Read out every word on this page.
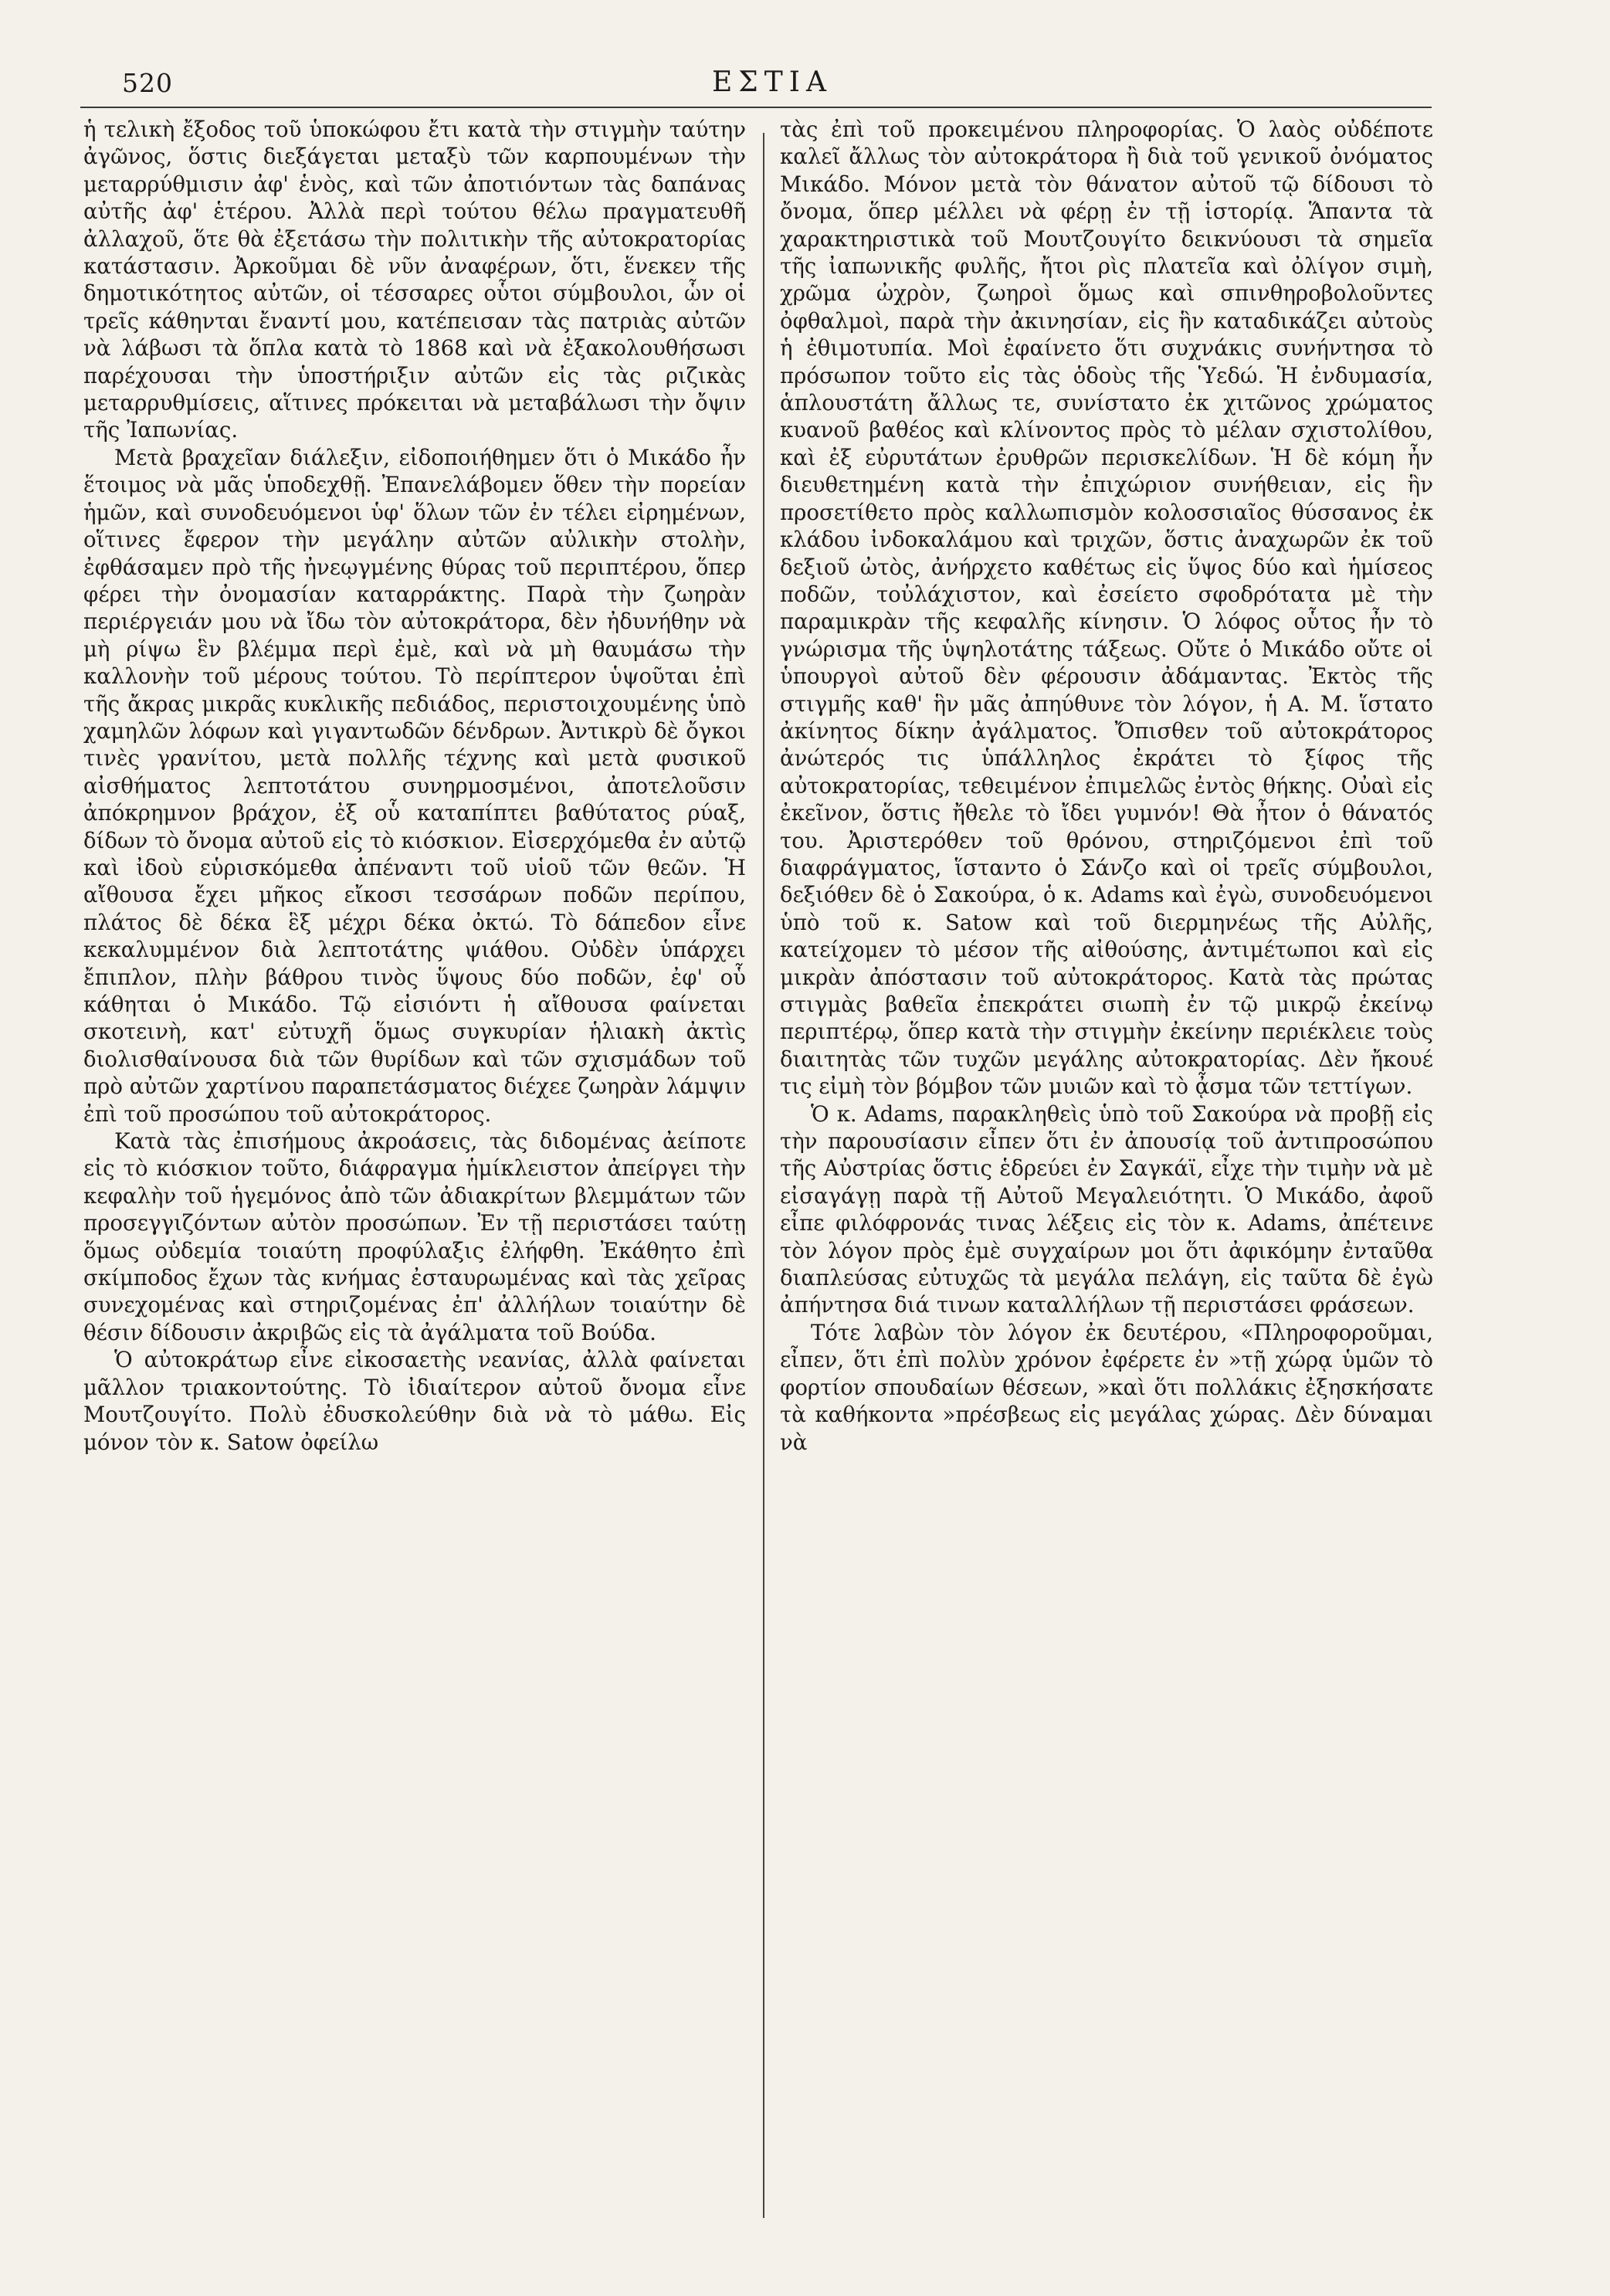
520	ΕΣΤΙΑ

ἡ τελικὴ ἔξοδος τοῦ ὑποκώφου ἔτι κατὰ τὴν στιγμὴν ταύτην ἀγῶνος, ὅστις διεξάγεται μεταξὺ τῶν καρπουμένων τὴν μεταρρύθμισιν ἀφ' ἑνὸς, καὶ τῶν ἀποτιόντων τὰς δαπάνας αὐτῆς ἀφ' ἑτέρου. Ἀλλὰ περὶ τούτου θέλω πραγματευθῆ ἀλλαχοῦ, ὅτε θὰ ἐξετάσω τὴν πολιτικὴν τῆς αὐτοκρατορίας κατάστασιν. Ἀρκοῦμαι δὲ νῦν ἀναφέρων, ὅτι, ἕνεκεν τῆς δημοτικότητος αὐτῶν, οἱ τέσσαρες οὗτοι σύμβουλοι, ὧν οἱ τρεῖς κάθηνται ἔναντί μου, κατέπεισαν τὰς πατριὰς αὐτῶν νὰ λάβωσι τὰ ὅπλα κατὰ τὸ 1868 καὶ νὰ ἐξακολουθήσωσι παρέχουσαι τὴν ὑποστήριξιν αὐτῶν εἰς τὰς ριζικὰς μεταρρυθμίσεις, αἵτινες πρόκειται νὰ μεταβάλωσι τὴν ὄψιν τῆς Ἰαπωνίας.

Μετὰ βραχεῖαν διάλεξιν, εἰδοποιήθημεν ὅτι ὁ Μικάδο ἦν ἕτοιμος νὰ μᾶς ὑποδεχθῇ. Ἐπανελάβομεν ὅθεν τὴν πορείαν ἡμῶν, καὶ συνοδευόμενοι ὑφ' ὅλων τῶν ἐν τέλει εἰρημένων, οἵτινες ἔφερον τὴν μεγάλην αὐτῶν αὐλικὴν στολὴν, ἐφθάσαμεν πρὸ τῆς ἠνεῳγμένης θύρας τοῦ περιπτέρου, ὅπερ φέρει τὴν ὀνομασίαν καταρράκτης. Παρὰ τὴν ζωηρὰν περιέργειάν μου νὰ ἴδω τὸν αὐτοκράτορα, δὲν ἠδυνήθην νὰ μὴ ρίψω ἓν βλέμμα περὶ ἐμὲ, καὶ νὰ μὴ θαυμάσω τὴν καλλονὴν τοῦ μέρους τούτου. Τὸ περίπτερον ὑψοῦται ἐπὶ τῆς ἄκρας μικρᾶς κυκλικῆς πεδιάδος, περιστοιχουμένης ὑπὸ χαμηλῶν λόφων καὶ γιγαντωδῶν δένδρων. Ἀντικρὺ δὲ ὄγκοι τινὲς γρανίτου, μετὰ πολλῆς τέχνης καὶ μετὰ φυσικοῦ αἰσθήματος λεπτοτάτου συνηρμοσμένοι, ἀποτελοῦσιν ἀπόκρημνον βράχον, ἐξ οὗ καταπίπτει βαθύτατος ρύαξ, δίδων τὸ ὄνομα αὐτοῦ εἰς τὸ κιόσκιον. Εἰσερχόμεθα ἐν αὐτῷ καὶ ἰδοὺ εὑρισκόμεθα ἀπέναντι τοῦ υἱοῦ τῶν θεῶν. Ἡ αἴθουσα ἔχει μῆκος εἴκοσι τεσσάρων ποδῶν περίπου, πλάτος δὲ δέκα ἓξ μέχρι δέκα ὀκτώ. Τὸ δάπεδον εἶνε κεκαλυμμένον διὰ λεπτοτάτης ψιάθου. Οὐδὲν ὑπάρχει ἔπιπλον, πλὴν βάθρου τινὸς ὕψους δύο ποδῶν, ἐφ' οὗ κάθηται ὁ Μικάδο. Τῷ εἰσιόντι ἡ αἴθουσα φαίνεται σκοτεινὴ, κατ' εὐτυχῆ ὅμως συγκυρίαν ἡλιακὴ ἀκτὶς διολισθαίνουσα διὰ τῶν θυρίδων καὶ τῶν σχισμάδων τοῦ πρὸ αὐτῶν χαρτίνου παραπετάσματος διέχεε ζωηρὰν λάμψιν ἐπὶ τοῦ προσώπου τοῦ αὐτοκράτορος.

Κατὰ τὰς ἐπισήμους ἀκροάσεις, τὰς διδομένας ἀείποτε εἰς τὸ κιόσκιον τοῦτο, διάφραγμα ἡμίκλειστον ἀπείργει τὴν κεφαλὴν τοῦ ἡγεμόνος ἀπὸ τῶν ἀδιακρίτων βλεμμάτων τῶν προσεγγιζόντων αὐτὸν προσώπων. Ἐν τῇ περιστάσει ταύτῃ ὅμως οὐδεμία τοιαύτη προφύλαξις ἐλήφθη. Ἐκάθητο ἐπὶ σκίμποδος ἔχων τὰς κνήμας ἐσταυρωμένας καὶ τὰς χεῖρας συνεχομένας καὶ στηριζομένας ἐπ' ἀλλήλων τοιαύτην δὲ θέσιν δίδουσιν ἀκριβῶς εἰς τὰ ἀγάλματα τοῦ Βούδα.

Ὁ αὐτοκράτωρ εἶνε εἰκοσαετὴς νεανίας, ἀλλὰ φαίνεται μᾶλλον τριακοντούτης. Τὸ ἰδιαίτερον αὐτοῦ ὄνομα εἶνε Μουτζουγίτο. Πολὺ ἐδυσκολεύθην διὰ νὰ τὸ μάθω. Εἰς μόνον τὸν κ. Satow ὀφείλω

τὰς ἐπὶ τοῦ προκειμένου πληροφορίας. Ὁ λαὸς οὐδέποτε καλεῖ ἄλλως τὸν αὐτοκράτορα ἢ διὰ τοῦ γενικοῦ ὀνόματος Μικάδο. Μόνον μετὰ τὸν θάνατον αὐτοῦ τῷ δίδουσι τὸ ὄνομα, ὅπερ μέλλει νὰ φέρῃ ἐν τῇ ἱστορίᾳ. Ἅπαντα τὰ χαρακτηριστικὰ τοῦ Μουτζουγίτο δεικνύουσι τὰ σημεῖα τῆς ἰαπωνικῆς φυλῆς, ἤτοι ρὶς πλατεῖα καὶ ὀλίγον σιμὴ, χρῶμα ὠχρὸν, ζωηροὶ ὅμως καὶ σπινθηροβολοῦντες ὀφθαλμοὶ, παρὰ τὴν ἀκινησίαν, εἰς ἣν καταδικάζει αὐτοὺς ἡ ἐθιμοτυπία. Μοὶ ἐφαίνετο ὅτι συχνάκις συνήντησα τὸ πρόσωπον τοῦτο εἰς τὰς ὁδοὺς τῆς Ὑεδώ. Ἡ ἐνδυμασία, ἁπλουστάτη ἄλλως τε, συνίστατο ἐκ χιτῶνος χρώματος κυανοῦ βαθέος καὶ κλίνοντος πρὸς τὸ μέλαν σχιστολίθου, καὶ ἐξ εὐρυτάτων ἐρυθρῶν περισκελίδων. Ἡ δὲ κόμη ἦν διευθετημένη κατὰ τὴν ἐπιχώριον συνήθειαν, εἰς ἣν προσετίθετο πρὸς καλλωπισμὸν κολοσσιαῖος θύσσανος ἐκ κλάδου ἰνδοκαλάμου καὶ τριχῶν, ὅστις ἀναχωρῶν ἐκ τοῦ δεξιοῦ ὠτὸς, ἀνήρχετο καθέτως εἰς ὕψος δύο καὶ ἡμίσεος ποδῶν, τοὐλάχιστον, καὶ ἐσείετο σφοδρότατα μὲ τὴν παραμικρὰν τῆς κεφαλῆς κίνησιν. Ὁ λόφος οὗτος ἦν τὸ γνώρισμα τῆς ὑψηλοτάτης τάξεως. Οὔτε ὁ Μικάδο οὔτε οἱ ὑπουργοὶ αὐτοῦ δὲν φέρουσιν ἀδάμαντας. Ἐκτὸς τῆς στιγμῆς καθ' ἣν μᾶς ἀπηύθυνε τὸν λόγον, ἡ Α. Μ. ἵστατο ἀκίνητος δίκην ἀγάλματος. Ὄπισθεν τοῦ αὐτοκράτορος ἀνώτερός τις ὑπάλληλος ἐκράτει τὸ ξίφος τῆς αὐτοκρατορίας, τεθειμένον ἐπιμελῶς ἐντὸς θήκης. Οὐαὶ εἰς ἐκεῖνον, ὅστις ἤθελε τὸ ἴδει γυμνόν! Θὰ ἦτον ὁ θάνατός του. Ἀριστερόθεν τοῦ θρόνου, στηριζόμενοι ἐπὶ τοῦ διαφράγματος, ἵσταντο ὁ Σάνζο καὶ οἱ τρεῖς σύμβουλοι, δεξιόθεν δὲ ὁ Σακούρα, ὁ κ. Adams καὶ ἐγὼ, συνοδευόμενοι ὑπὸ τοῦ κ. Satow καὶ τοῦ διερμηνέως τῆς Αὐλῆς, κατείχομεν τὸ μέσον τῆς αἰθούσης, ἀντιμέτωποι καὶ εἰς μικρὰν ἀπόστασιν τοῦ αὐτοκράτορος. Κατὰ τὰς πρώτας στιγμὰς βαθεῖα ἐπεκράτει σιωπὴ ἐν τῷ μικρῷ ἐκείνῳ περιπτέρῳ, ὅπερ κατὰ τὴν στιγμὴν ἐκείνην περιέκλειε τοὺς διαιτητὰς τῶν τυχῶν μεγάλης αὐτοκρατορίας. Δὲν ἤκουέ τις εἰμὴ τὸν βόμβον τῶν μυιῶν καὶ τὸ ᾆσμα τῶν τεττίγων.

Ὁ κ. Adams, παρακληθεὶς ὑπὸ τοῦ Σακούρα νὰ προβῇ εἰς τὴν παρουσίασιν εἶπεν ὅτι ἐν ἀπουσίᾳ τοῦ ἀντιπροσώπου τῆς Αὐστρίας ὅστις ἑδρεύει ἐν Σαγκάϊ, εἶχε τὴν τιμὴν νὰ μὲ εἰσαγάγῃ παρὰ τῇ Αὐτοῦ Μεγαλειότητι. Ὁ Μικάδο, ἀφοῦ εἶπε φιλόφρονάς τινας λέξεις εἰς τὸν κ. Adams, ἀπέτεινε τὸν λόγον πρὸς ἐμὲ συγχαίρων μοι ὅτι ἀφικόμην ἐνταῦθα διαπλεύσας εὐτυχῶς τὰ μεγάλα πελάγη, εἰς ταῦτα δὲ ἐγὼ ἀπήντησα διά τινων καταλλήλων τῇ περιστάσει φράσεων.

Τότε λαβὼν τὸν λόγον ἐκ δευτέρου, «Πληροφοροῦμαι, εἶπεν, ὅτι ἐπὶ πολὺν χρόνον ἐφέρετε ἐν »τῇ χώρᾳ ὑμῶν τὸ φορτίον σπουδαίων θέσεων, »καὶ ὅτι πολλάκις ἐξησκήσατε τὰ καθήκοντα »πρέσβεως εἰς μεγάλας χώρας. Δὲν δύναμαι νὰ
